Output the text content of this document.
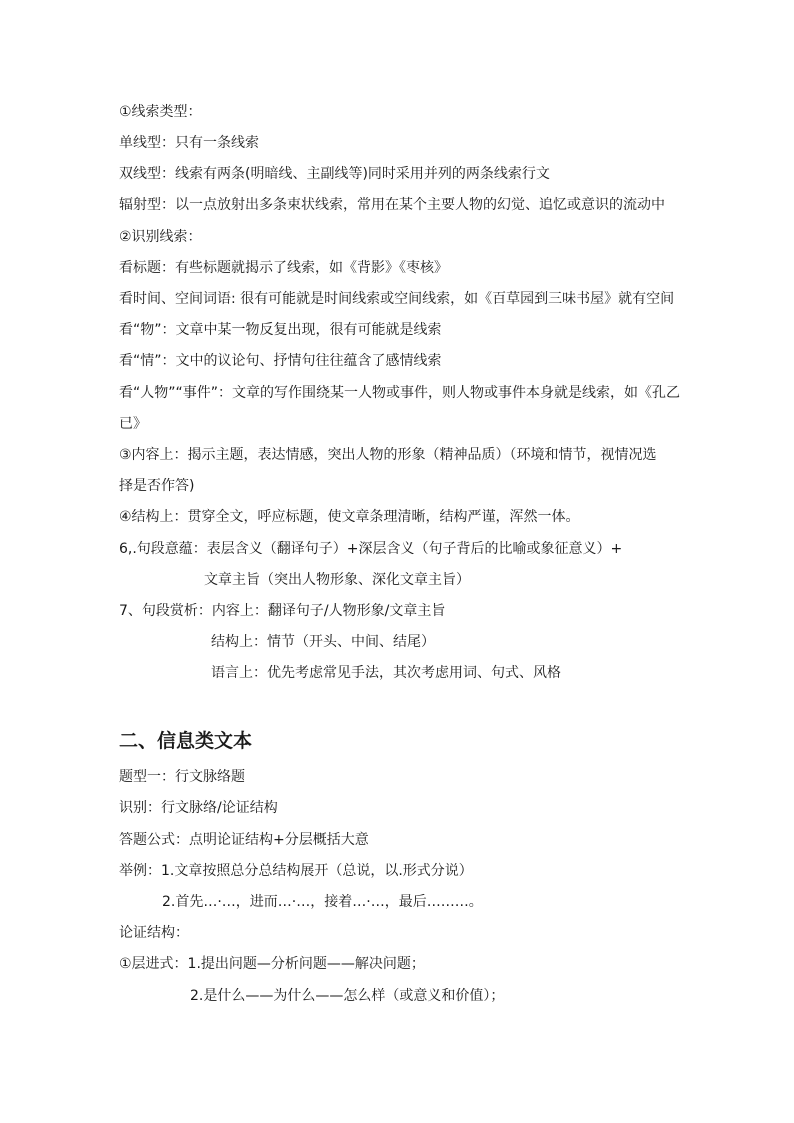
①线索类型：
单线型：只有一条线索
双线型：线索有两条(明暗线、主副线等)同时采用并列的两条线索行文
辐射型：以一点放射出多条束状线索，常用在某个主要人物的幻觉、追忆或意识的流动中
②识别线索：
看标题：有些标题就揭示了线索，如《背影》《枣核》
看时间、空间词语: 很有可能就是时间线索或空间线索，如《百草园到三味书屋》就有空间
看“物”：文章中某一物反复出现，很有可能就是线索
看“情”：文中的议论句、抒情句往往蕴含了感情线索
看“人物”“事件”：文章的写作围绕某一人物或事件，则人物或事件本身就是线索，如《孔乙
已》
③内容上：揭示主题，表达情感，突出人物的形象（精神品质）（环境和情节，视情况选
择是否作答)
④结构上：贯穿全文，呼应标题，使文章条理清晰，结构严谨，浑然一体。
6,.句段意蕴：表层含义（翻译句子）+深层含义（句子背后的比喻或象征意义）+
文章主旨（突出人物形象、深化文章主旨）
7、句段赏析：内容上：翻译句子/人物形象/文章主旨
结构上：情节（开头、中间、结尾）
语言上：优先考虑常见手法，其次考虑用词、句式、风格
二、信息类文本
题型一：行文脉络题
识别：行文脉络/论证结构
答题公式：点明论证结构+分层概括大意
举例：1.文章按照总分总结构展开（总说，以.形式分说）
2.首先…·…，进而…·…，接着…·…，最后………。
论证结构：
①层进式：1.提出问题—分析问题——解决问题；
2.是什么——为什么——怎么样（或意义和价值）；
